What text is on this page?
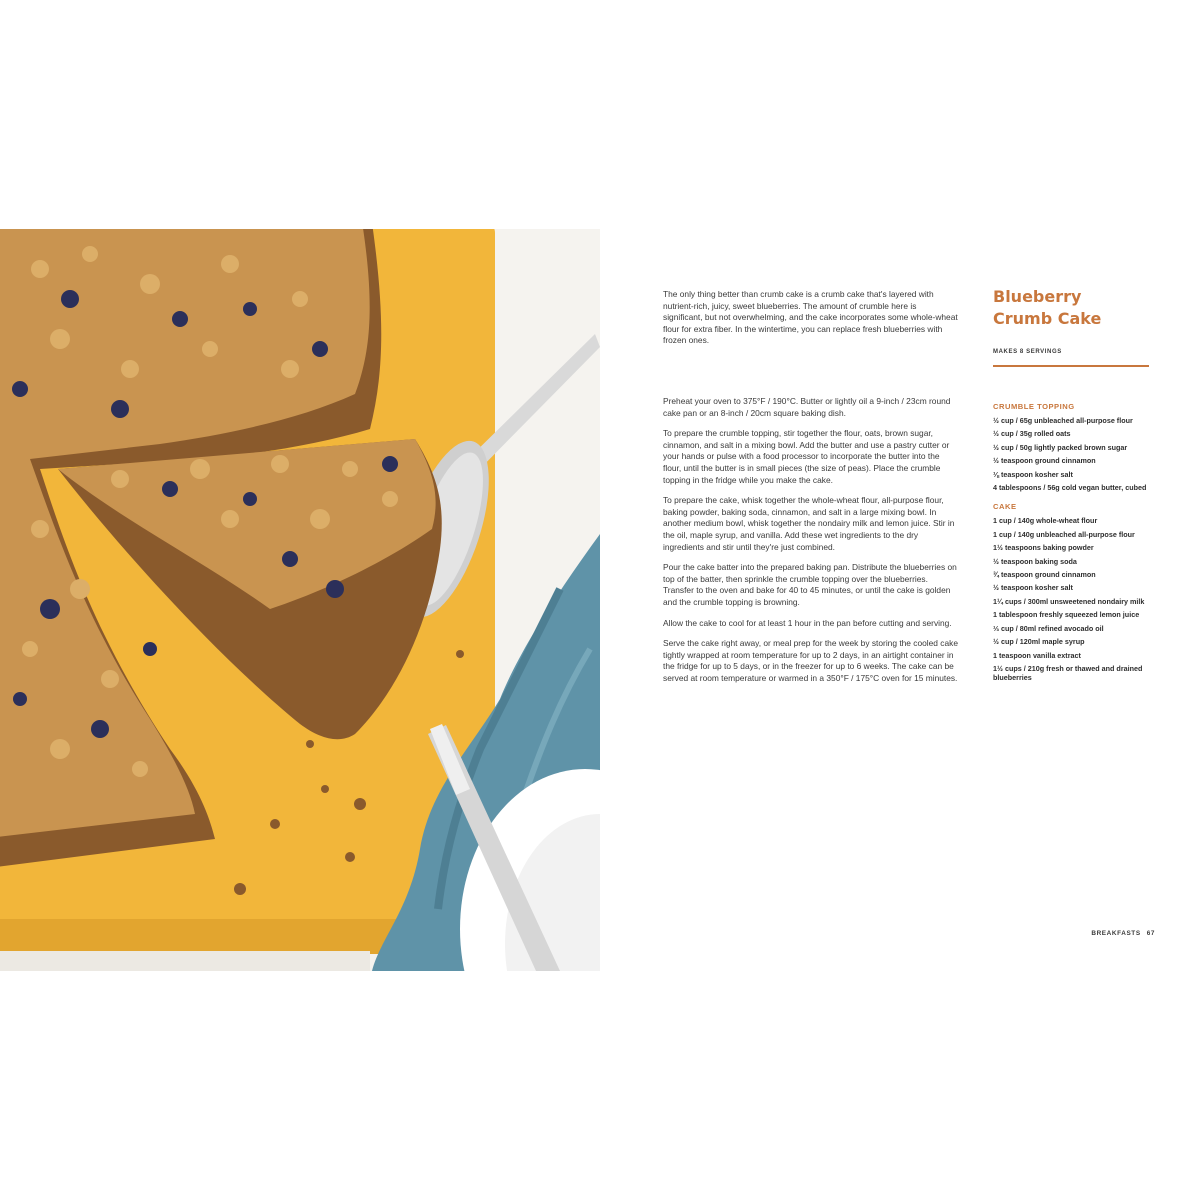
The only thing better than crumb cake is a crumb cake that's layered with nutrient-rich, juicy, sweet blueberries. The amount of crumble here is significant, but not overwhelming, and the cake incorporates some whole-wheat flour for extra fiber. In the wintertime, you can replace fresh blueberries with frozen ones.

Preheat your oven to 375°F / 190°C. Butter or lightly oil a 9-inch / 23cm round cake pan or an 8-inch / 20cm square baking dish.

To prepare the crumble topping, stir together the flour, oats, brown sugar, cinnamon, and salt in a mixing bowl. Add the butter and use a pastry cutter or your hands or pulse with a food processor to incorporate the butter into the flour, until the butter is in small pieces (the size of peas). Place the crumble topping in the fridge while you make the cake.

To prepare the cake, whisk together the whole-wheat flour, all-purpose flour, baking powder, baking soda, cinnamon, and salt in a large mixing bowl. In another medium bowl, whisk together the nondairy milk and lemon juice. Stir in the oil, maple syrup, and vanilla. Add these wet ingredients to the dry ingredients and stir until they're just combined.

Pour the cake batter into the prepared baking pan. Distribute the blueberries on top of the batter, then sprinkle the crumble topping over the blueberries. Transfer to the oven and bake for 40 to 45 minutes, or until the cake is golden and the crumble topping is browning.

Allow the cake to cool for at least 1 hour in the pan before cutting and serving.

Serve the cake right away, or meal prep for the week by storing the cooled cake tightly wrapped at room temperature for up to 2 days, in an airtight container in the fridge for up to 5 days, or in the freezer for up to 6 weeks. The cake can be served at room temperature or warmed in a 350°F / 175°C oven for 15 minutes.

Blueberry
Crumb Cake
MAKES 8 SERVINGS
CRUMBLE TOPPING
½ cup / 65g unbleached all-purpose flour
½ cup / 35g rolled oats
½ cup / 50g lightly packed brown sugar
½ teaspoon ground cinnamon
⅛ teaspoon kosher salt
4 tablespoons / 56g cold vegan butter, cubed
CAKE
1 cup / 140g whole-wheat flour
1 cup / 140g unbleached all-purpose flour
1½ teaspoons baking powder
½ teaspoon baking soda
¾ teaspoon ground cinnamon
½ teaspoon kosher salt
1¼ cups / 300ml unsweetened nondairy milk
1 tablespoon freshly squeezed lemon juice
⅓ cup / 80ml refined avocado oil
½ cup / 120ml maple syrup
1 teaspoon vanilla extract
1½ cups / 210g fresh or thawed and drained blueberries
BREAKFASTS 67
